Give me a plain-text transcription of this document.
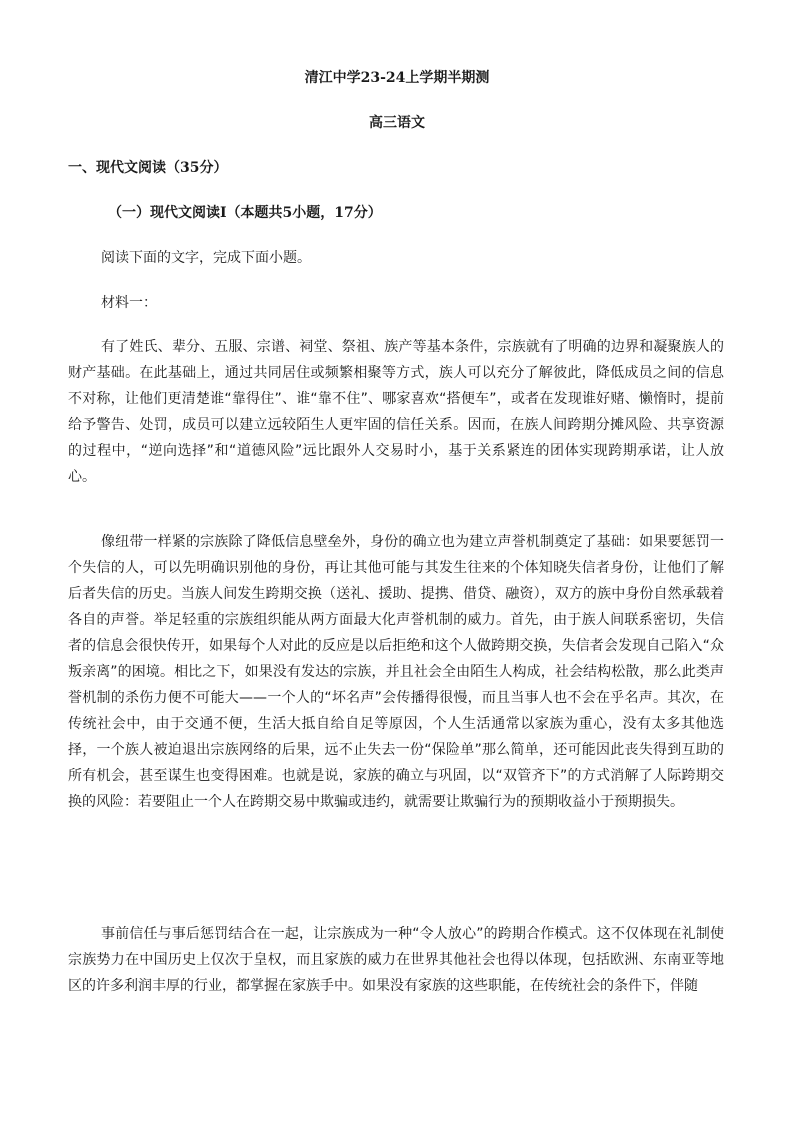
清江中学23-24上学期半期测
高三语文
一、现代文阅读（35分）
（一）现代文阅读Ⅰ（本题共5小题，17分）
阅读下面的文字，完成下面小题。
材料一：
有了姓氏、辈分、五服、宗谱、祠堂、祭祖、族产等基本条件，宗族就有了明确的边界和凝聚族人的财产基础。在此基础上，通过共同居住或频繁相聚等方式，族人可以充分了解彼此，降低成员之间的信息不对称，让他们更清楚谁“靠得住”、谁“靠不住”、哪家喜欢“搭便车”，或者在发现谁好赌、懒惰时，提前给予警告、处罚，成员可以建立远较陌生人更牢固的信任关系。因而，在族人间跨期分摊风险、共享资源的过程中，“逆向选择”和“道德风险”远比跟外人交易时小，基于关系紧连的团体实现跨期承诺，让人放心。
像纽带一样紧的宗族除了降低信息壁垒外，身份的确立也为建立声誉机制奠定了基础：如果要惩罚一个失信的人，可以先明确识别他的身份，再让其他可能与其发生往来的个体知晓失信者身份，让他们了解后者失信的历史。当族人间发生跨期交换（送礼、援助、提携、借贷、融资），双方的族中身份自然承载着各自的声誉。举足轻重的宗族组织能从两方面最大化声誉机制的威力。首先，由于族人间联系密切，失信者的信息会很快传开，如果每个人对此的反应是以后拒绝和这个人做跨期交换，失信者会发现自己陷入“众叛亲离”的困境。相比之下，如果没有发达的宗族，并且社会全由陌生人构成，社会结构松散，那么此类声誉机制的杀伤力便不可能大——一个人的“坏名声”会传播得很慢，而且当事人也不会在乎名声。其次，在传统社会中，由于交通不便，生活大抵自给自足等原因，个人生活通常以家族为重心，没有太多其他选择，一个族人被迫退出宗族网络的后果，远不止失去一份“保险单”那么简单，还可能因此丧失得到互助的所有机会，甚至谋生也变得困难。也就是说，家族的确立与巩固，以“双管齐下”的方式消解了人际跨期交换的风险：若要阻止一个人在跨期交易中欺骗或违约，就需要让欺骗行为的预期收益小于预期损失。
事前信任与事后惩罚结合在一起，让宗族成为一种“令人放心”的跨期合作模式。这不仅体现在礼制使宗族势力在中国历史上仅次于皇权，而且家族的威力在世界其他社会也得以体现，包括欧洲、东南亚等地区的许多利润丰厚的行业，都掌握在家族手中。如果没有家族的这些职能，在传统社会的条件下，伴随
